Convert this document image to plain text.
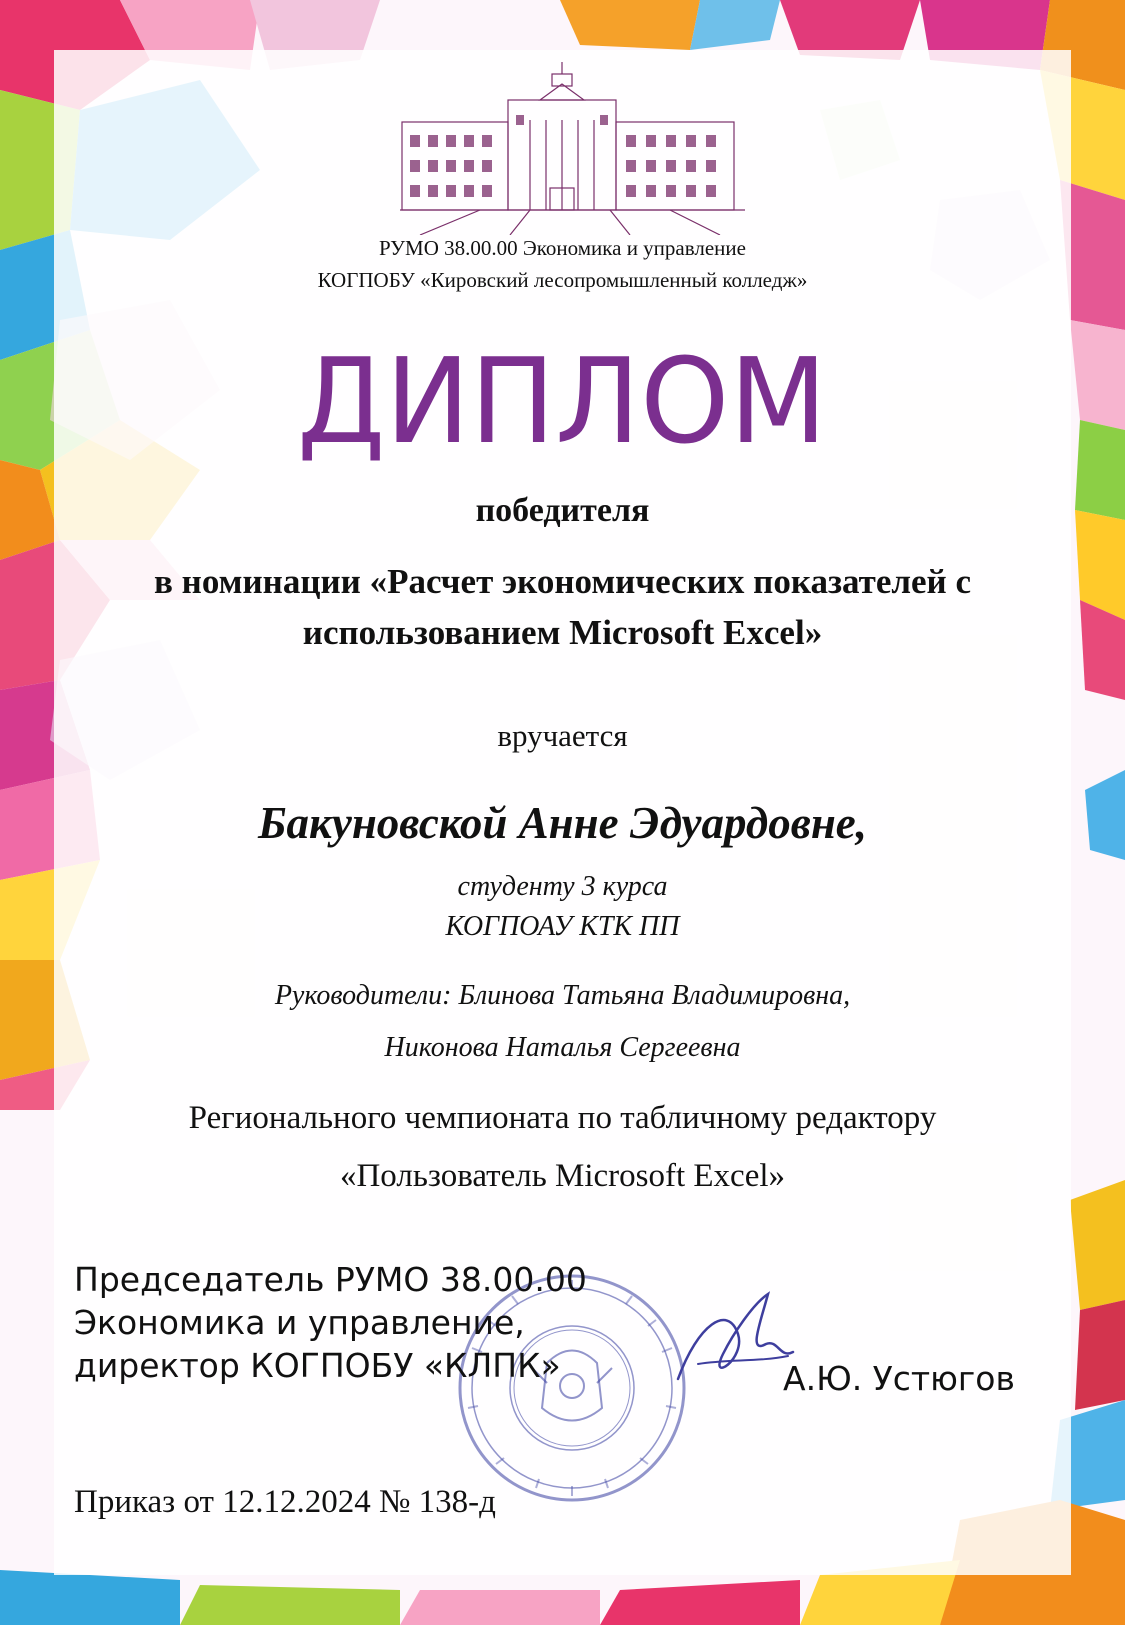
РУМО 38.00.00 Экономика и управление
КОГПОБУ «Кировский лесопромышленный колледж»
ДИПЛОМ
победителя
в номинации «Расчет экономических показателей с использованием Microsoft Excel»
вручается
Бакуновской Анне Эдуардовне,
студенту 3 курса
КОГПОАУ КТК ПП
Руководители: Блинова Татьяна Владимировна,
Никонова Наталья Сергеевна
Регионального чемпионата по табличному редактору
«Пользователь Microsoft Excel»
Председатель РУМО 38.00.00
Экономика и управление,
директор КОГПОБУ «КЛПК»	А.Ю. Устюгов
Приказ от 12.12.2024 № 138-д
